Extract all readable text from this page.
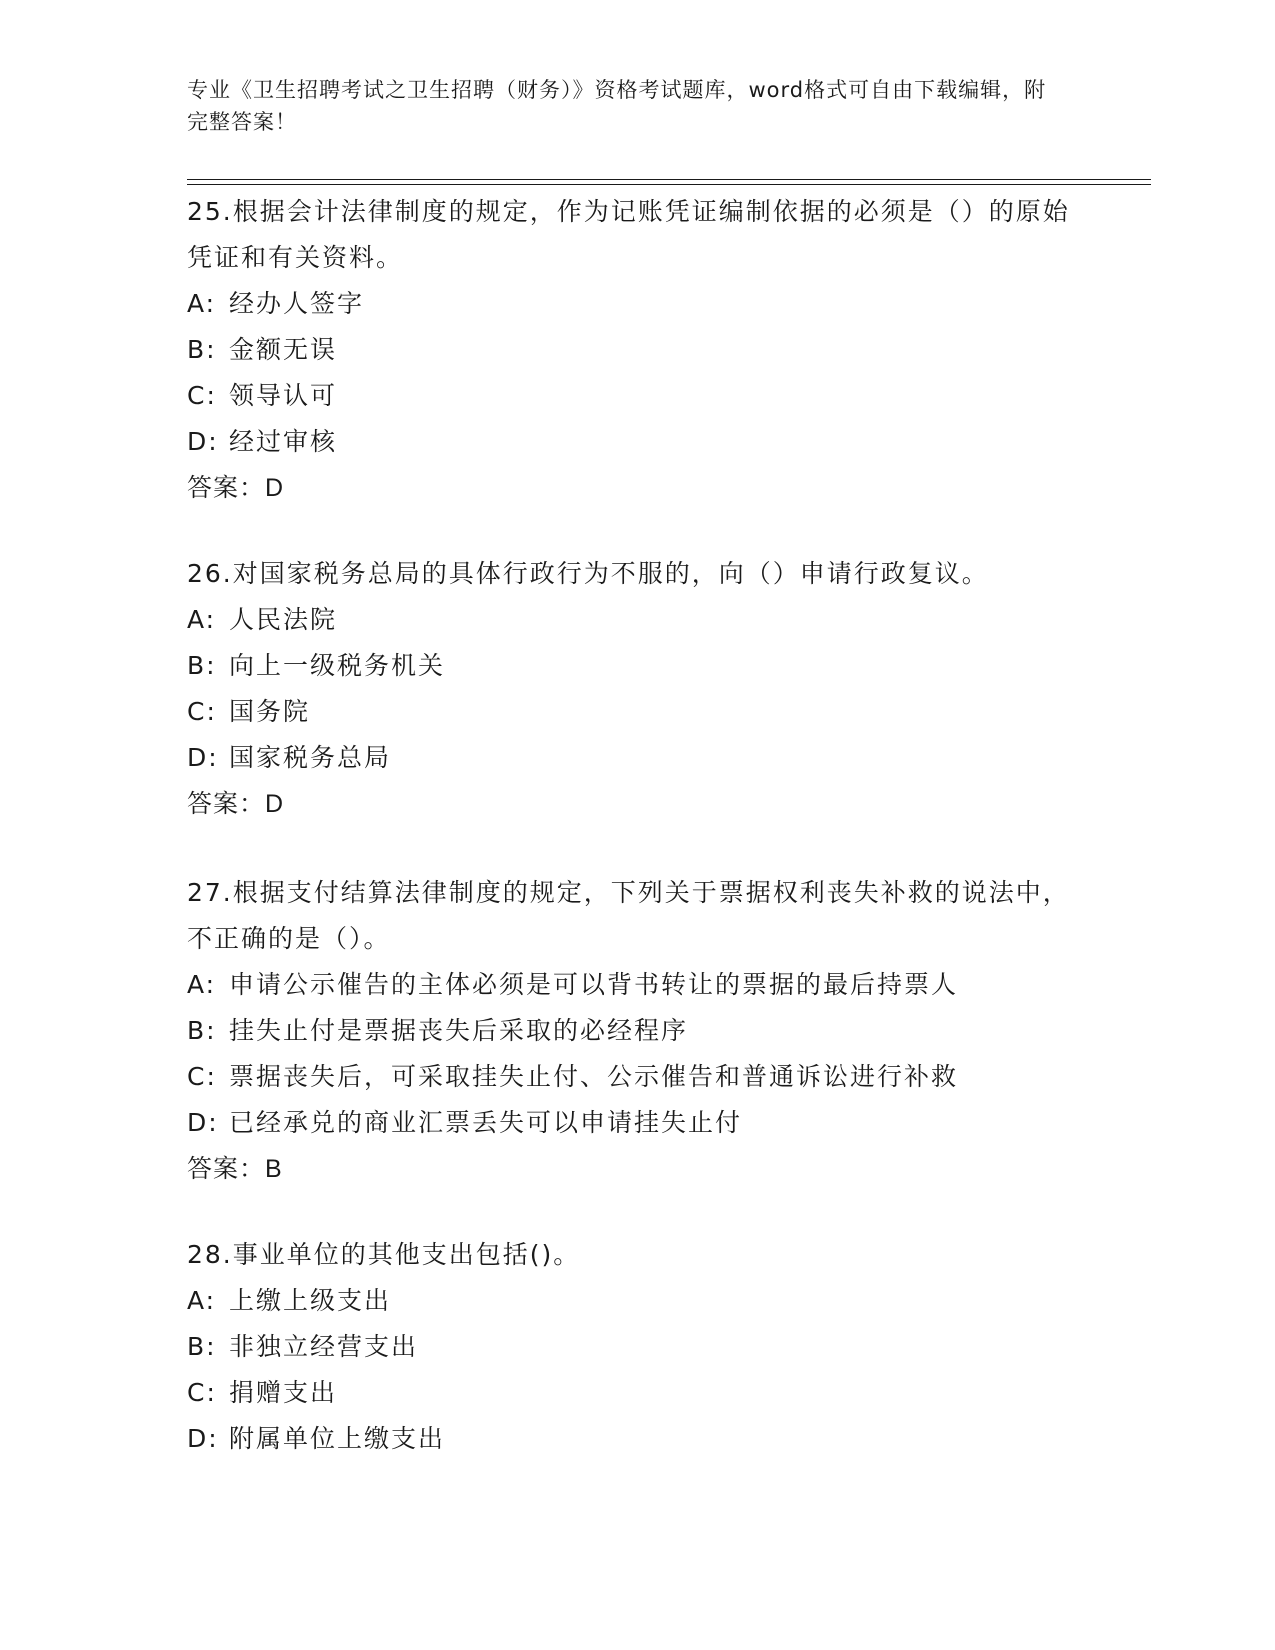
专业《卫生招聘考试之卫生招聘（财务）》资格考试题库，word格式可自由下载编辑，附完整答案！
25.根据会计法律制度的规定，作为记账凭证编制依据的必须是（）的原始凭证和有关资料。
A: 经办人签字
B: 金额无误
C: 领导认可
D: 经过审核
答案：D
26.对国家税务总局的具体行政行为不服的，向（）申请行政复议。
A: 人民法院
B: 向上一级税务机关
C: 国务院
D: 国家税务总局
答案：D
27.根据支付结算法律制度的规定，下列关于票据权利丧失补救的说法中，不正确的是（）。
A: 申请公示催告的主体必须是可以背书转让的票据的最后持票人
B: 挂失止付是票据丧失后采取的必经程序
C: 票据丧失后，可采取挂失止付、公示催告和普通诉讼进行补救
D: 已经承兑的商业汇票丢失可以申请挂失止付
答案：B
28.事业单位的其他支出包括()。
A: 上缴上级支出
B: 非独立经营支出
C: 捐赠支出
D: 附属单位上缴支出
